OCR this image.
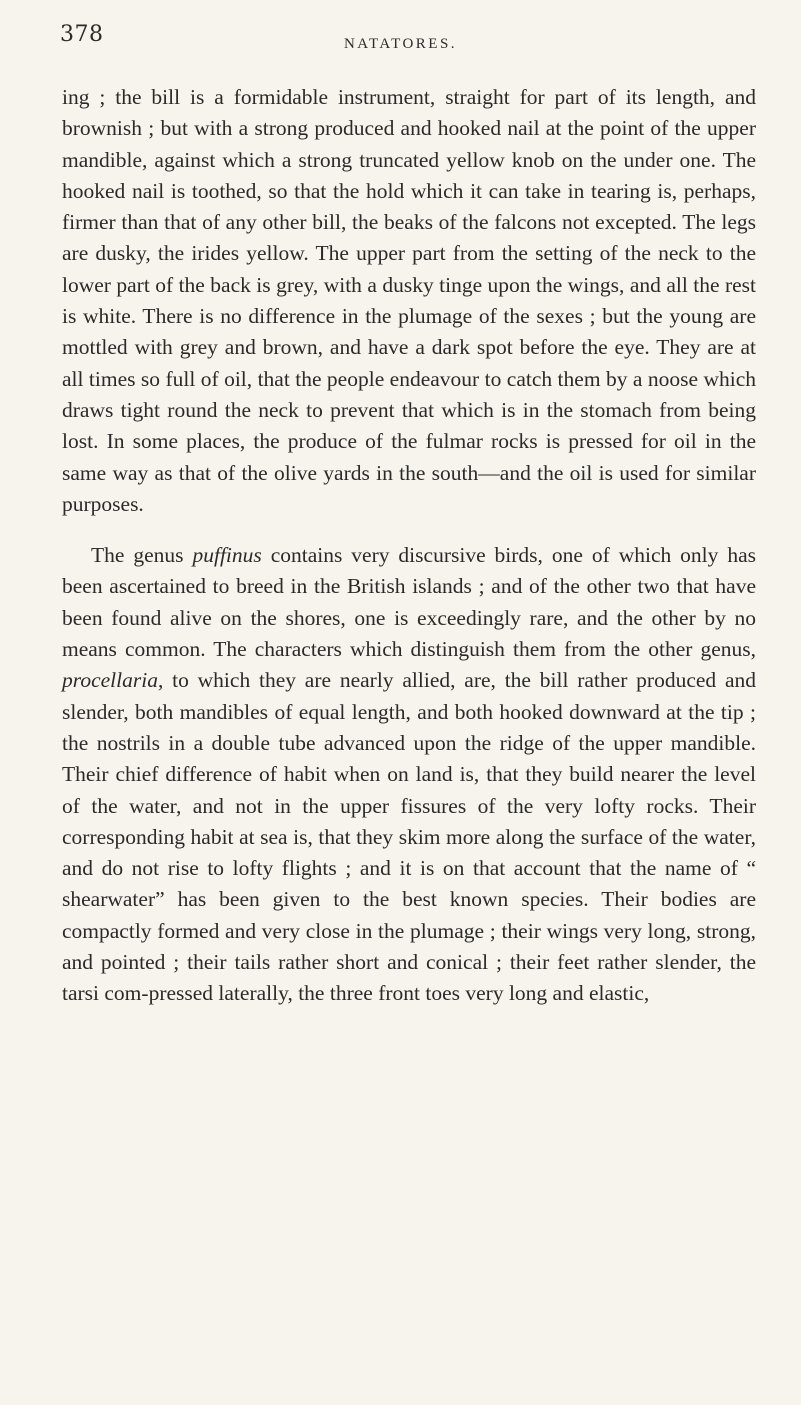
378	NATATORES.

ing ; the bill is a formidable instrument, straight for part of its length, and brownish ; but with a strong produced and hooked nail at the point of the upper mandible, against which a strong truncated yellow knob on the under one. The hooked nail is toothed, so that the hold which it can take in tearing is, perhaps, firmer than that of any other bill, the beaks of the falcons not excepted. The legs are dusky, the irides yellow. The upper part from the setting of the neck to the lower part of the back is grey, with a dusky tinge upon the wings, and all the rest is white. There is no difference in the plumage of the sexes ; but the young are mottled with grey and brown, and have a dark spot before the eye. They are at all times so full of oil, that the people endeavour to catch them by a noose which draws tight round the neck to prevent that which is in the stomach from being lost. In some places, the produce of the fulmar rocks is pressed for oil in the same way as that of the olive yards in the south—and the oil is used for similar purposes.

The genus puffinus contains very discursive birds, one of which only has been ascertained to breed in the British islands ; and of the other two that have been found alive on the shores, one is exceedingly rare, and the other by no means common. The characters which distinguish them from the other genus, procellaria, to which they are nearly allied, are, the bill rather produced and slender, both mandibles of equal length, and both hooked downward at the tip ; the nostrils in a double tube advanced upon the ridge of the upper mandible. Their chief difference of habit when on land is, that they build nearer the level of the water, and not in the upper fissures of the very lofty rocks. Their corresponding habit at sea is, that they skim more along the surface of the water, and do not rise to lofty flights ; and it is on that account that the name of “ shearwater” has been given to the best known species. Their bodies are compactly formed and very close in the plumage ; their wings very long, strong, and pointed ; their tails rather short and conical ; their feet rather slender, the tarsi com-pressed laterally, the three front toes very long and elastic,
